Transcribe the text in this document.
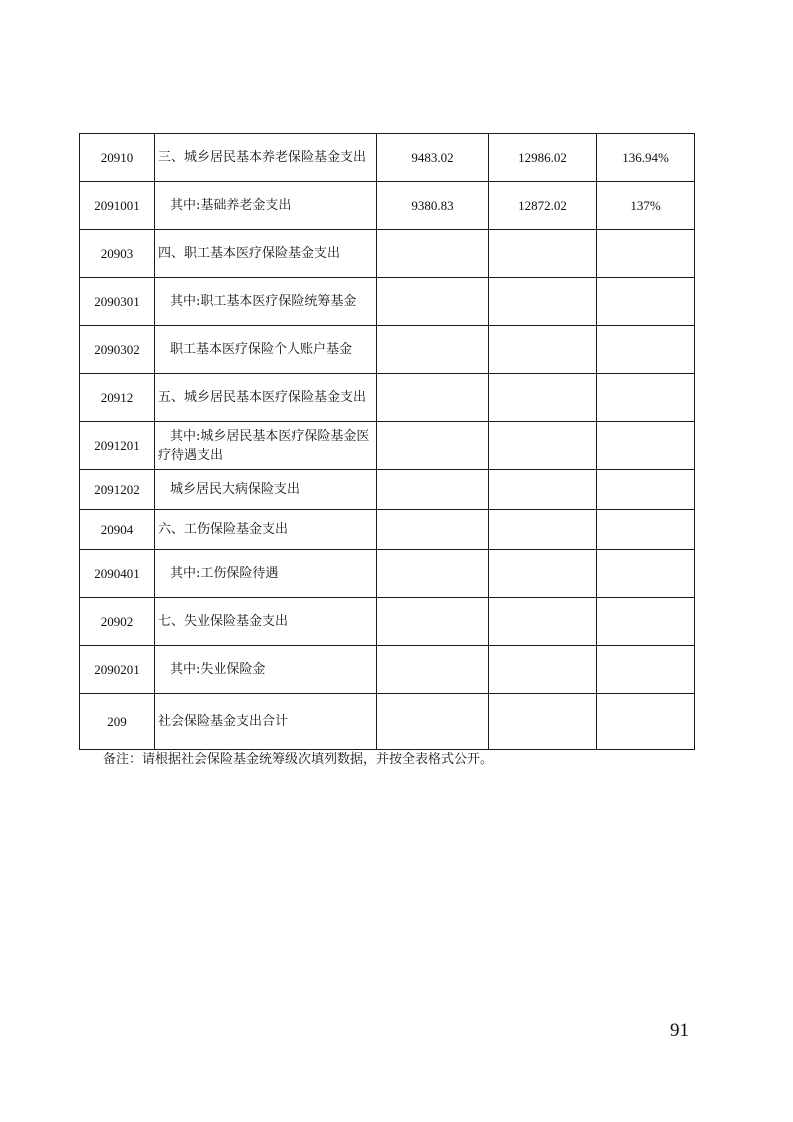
20910	三、城乡居民基本养老保险基金支出	9483.02	12986.02	136.94%
2091001	其中:基础养老金支出	9380.83	12872.02	137%
20903	四、职工基本医疗保险基金支出			
2090301	其中:职工基本医疗保险统筹基金			
2090302	职工基本医疗保险个人账户基金			
20912	五、城乡居民基本医疗保险基金支出			
2091201	其中:城乡居民基本医疗保险基金医疗待遇支出			
2091202	城乡居民大病保险支出			
20904	六、工伤保险基金支出			
2090401	其中:工伤保险待遇			
20902	七、失业保险基金支出			
2090201	其中:失业保险金			
209	社会保险基金支出合计			
备注：请根据社会保险基金统筹级次填列数据，并按全表格式公开。
91
